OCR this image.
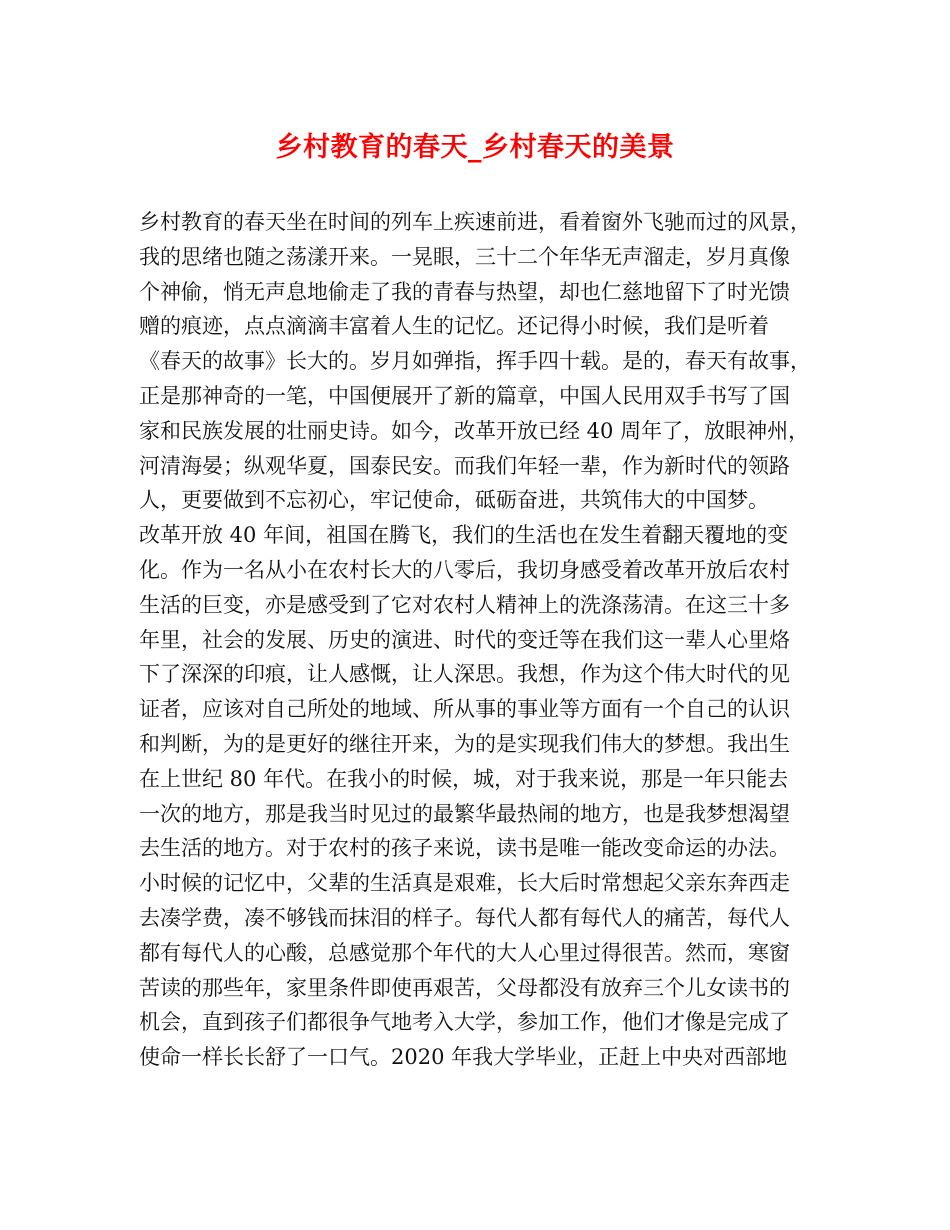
乡村教育的春天_乡村春天的美景
乡村教育的春天坐在时间的列车上疾速前进，看着窗外飞驰而过的风景，
我的思绪也随之荡漾开来。一晃眼，三十二个年华无声溜走，岁月真像
个神偷，悄无声息地偷走了我的青春与热望，却也仁慈地留下了时光馈
赠的痕迹，点点滴滴丰富着人生的记忆。还记得小时候，我们是听着
《春天的故事》长大的。岁月如弹指，挥手四十载。是的，春天有故事，
正是那神奇的一笔，中国便展开了新的篇章，中国人民用双手书写了国
家和民族发展的壮丽史诗。如今，改革开放已经 40 周年了，放眼神州，
河清海晏；纵观华夏，国泰民安。而我们年轻一辈，作为新时代的领路
人，更要做到不忘初心，牢记使命，砥砺奋进，共筑伟大的中国梦。
改革开放 40 年间，祖国在腾飞，我们的生活也在发生着翻天覆地的变
化。作为一名从小在农村长大的八零后，我切身感受着改革开放后农村
生活的巨变，亦是感受到了它对农村人精神上的洗涤荡清。在这三十多
年里，社会的发展、历史的演进、时代的变迁等在我们这一辈人心里烙
下了深深的印痕，让人感慨，让人深思。我想，作为这个伟大时代的见
证者，应该对自己所处的地域、所从事的事业等方面有一个自己的认识
和判断，为的是更好的继往开来，为的是实现我们伟大的梦想。我出生
在上世纪 80 年代。在我小的时候，城，对于我来说，那是一年只能去
一次的地方，那是我当时见过的最繁华最热闹的地方，也是我梦想渴望
去生活的地方。对于农村的孩子来说，读书是唯一能改变命运的办法。
小时候的记忆中，父辈的生活真是艰难，长大后时常想起父亲东奔西走
去凑学费，凑不够钱而抹泪的样子。每代人都有每代人的痛苦，每代人
都有每代人的心酸，总感觉那个年代的大人心里过得很苦。然而，寒窗
苦读的那些年，家里条件即使再艰苦，父母都没有放弃三个儿女读书的
机会，直到孩子们都很争气地考入大学，参加工作，他们才像是完成了
使命一样长长舒了一口气。2020 年我大学毕业，正赶上中央对西部地
